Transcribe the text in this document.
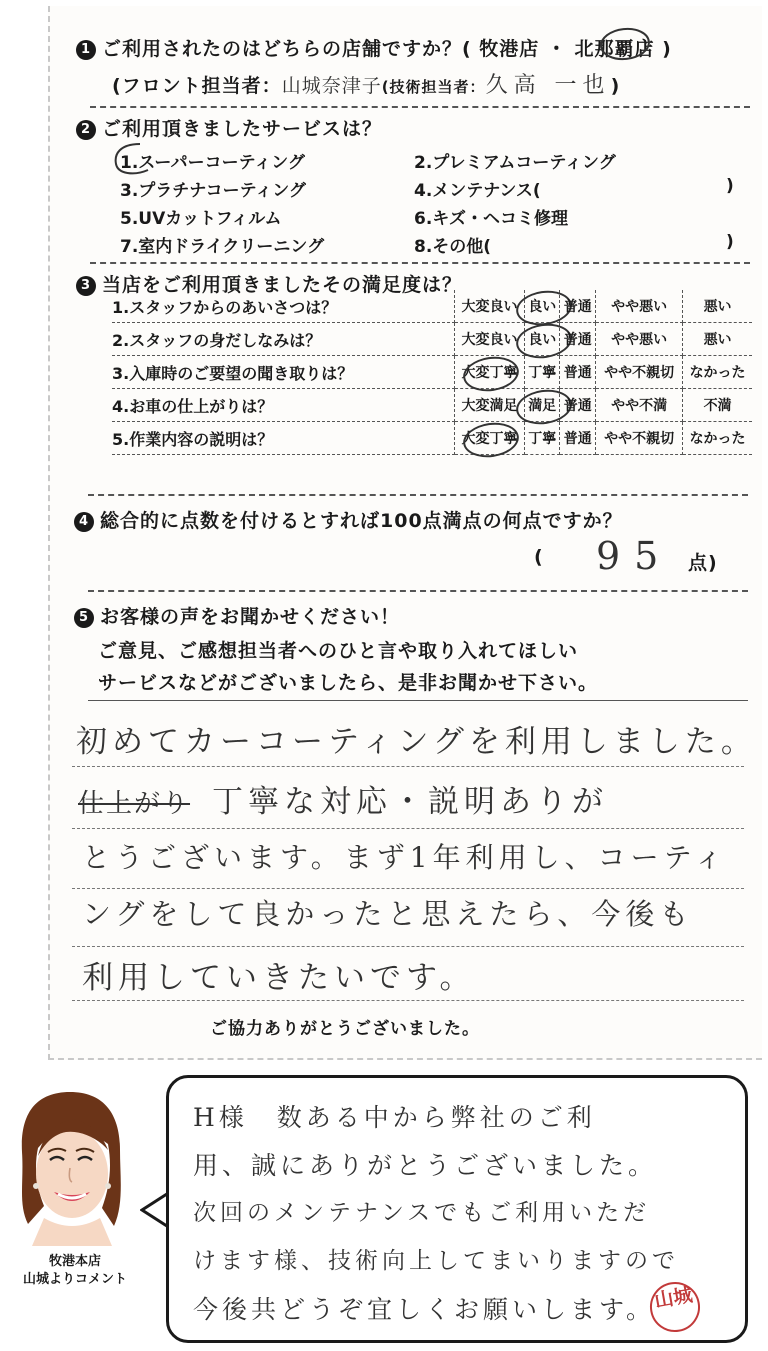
1 ご利用されたのはどちらの店舗ですか？( 牧港店 ・ 北那覇店 )
(フロント担当者：山城奈津子(技術担当者：久高 一也)
2 ご利用頂きましたサービスは？
1.スーパーコーティング	2.プレミアムコーティング
3.プラチナコーティング	4.メンテナンス(	)
5.UVカットフィルム	6.キズ・ヘコミ修理
7.室内ドライクリーニング	8.その他(	)
3 当店をご利用頂きましたその満足度は？
1.スタッフからのあいさつは？	大変良い	良い	普通	やや悪い	悪い
2.スタッフの身だしなみは？	大変良い	良い	普通	やや悪い	悪い
3.入庫時のご要望の聞き取りは？	大変丁寧	丁寧	普通	やや不親切	なかった
4.お車の仕上がりは？	大変満足	満足	普通	やや不満	不満
5.作業内容の説明は？	大変丁寧	丁寧	普通	やや不親切	なかった
4 総合的に点数を付けるとすれば100点満点の何点ですか？
( 95 点)
5 お客様の声をお聞かせください！
ご意見、ご感想担当者へのひと言や取り入れてほしい
サービスなどがございましたら、是非お聞かせ下さい。
初めてカーコーティングを利用しました。
仕上がり 丁寧な対応・説明ありが
とうございます。まず1年利用し、コーティ
ングをして良かったと思えたら、今後も
利用していきたいです。
ご協力ありがとうございました。
牧港本店
山城よりコメント
H様　数ある中から弊社のご利
用、誠にありがとうございました。
次回のメンテナンスでもご利用いただ
けます様、技術向上してまいりますので
今後共どうぞ宜しくお願いします。
山城
